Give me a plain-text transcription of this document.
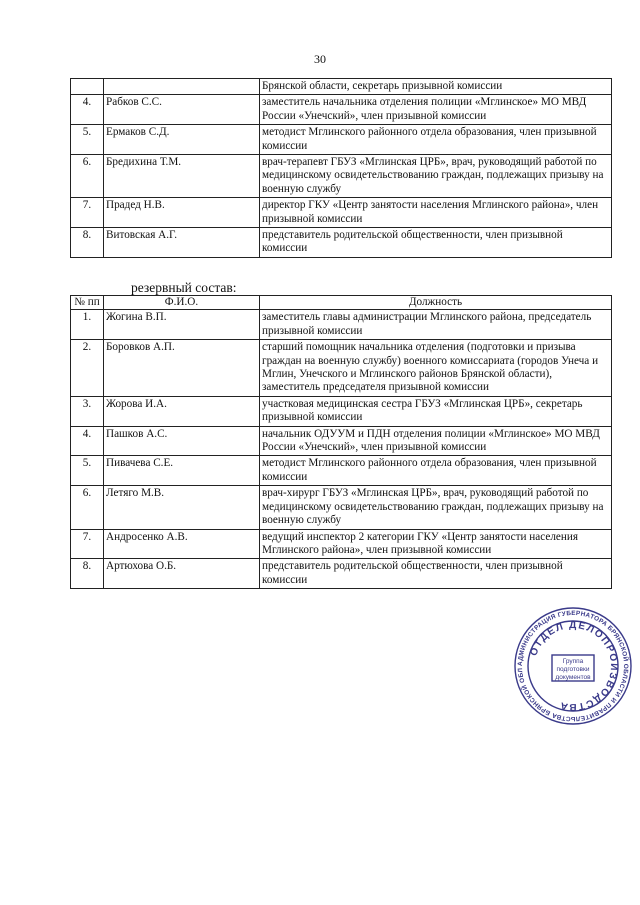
30
		Брянской области, секретарь призывной комиссии
4.	Рабков С.С.	заместитель начальника отделения полиции «Мглинское» МО МВД России «Унечский», член призывной комиссии
5.	Ермаков С.Д.	методист Мглинского районного отдела образования, член призывной комиссии
6.	Бредихина Т.М.	врач-терапевт ГБУЗ «Мглинская ЦРБ», врач, руководящий работой по медицинскому освидетельствованию граждан, подлежащих призыву на военную службу
7.	Прадед Н.В.	директор ГКУ «Центр занятости населения Мглинского района», член призывной комиссии
8.	Витовская А.Г.	представитель родительской общественности, член призывной комиссии
резервный состав:
№ пп	Ф.И.О.	Должность
1.	Жогина В.П.	заместитель главы администрации Мглинского района, председатель призывной комиссии
2.	Боровков А.П.	старший помощник начальника отделения (подготовки и призыва граждан на военную службу) военного комиссариата (городов Унеча и Мглин, Унечского и Мглинского районов Брянской области), заместитель председателя призывной комиссии
3.	Жорова И.А.	участковая медицинская сестра ГБУЗ «Мглинская ЦРБ», секретарь призывной комиссии
4.	Пашков А.С.	начальник ОДУУМ и ПДН отделения полиции «Мглинское» МО МВД России «Унечский», член призывной комиссии
5.	Пивачева С.Е.	методист Мглинского районного отдела образования, член призывной комиссии
6.	Летяго М.В.	врач-хирург ГБУЗ «Мглинская ЦРБ», врач, руководящий работой по медицинскому освидетельствованию граждан, подлежащих призыву на военную службу
7.	Андросенко А.В.	ведущий инспектор 2 категории ГКУ «Центр занятости населения Мглинского района», член призывной комиссии
8.	Артюхова О.Б.	представитель родительской общественности, член призывной комиссии
АДМИНИСТРАЦИЯ ГУБЕРНАТОРА БРЯНСКОЙ ОБЛАСТИ И ПРАВИТЕЛЬСТВА БРЯНСКОЙ ОБЛ
ОТДЕЛ ДЕЛОПРОИЗВОДСТВА
Группа
подготовки
документов
